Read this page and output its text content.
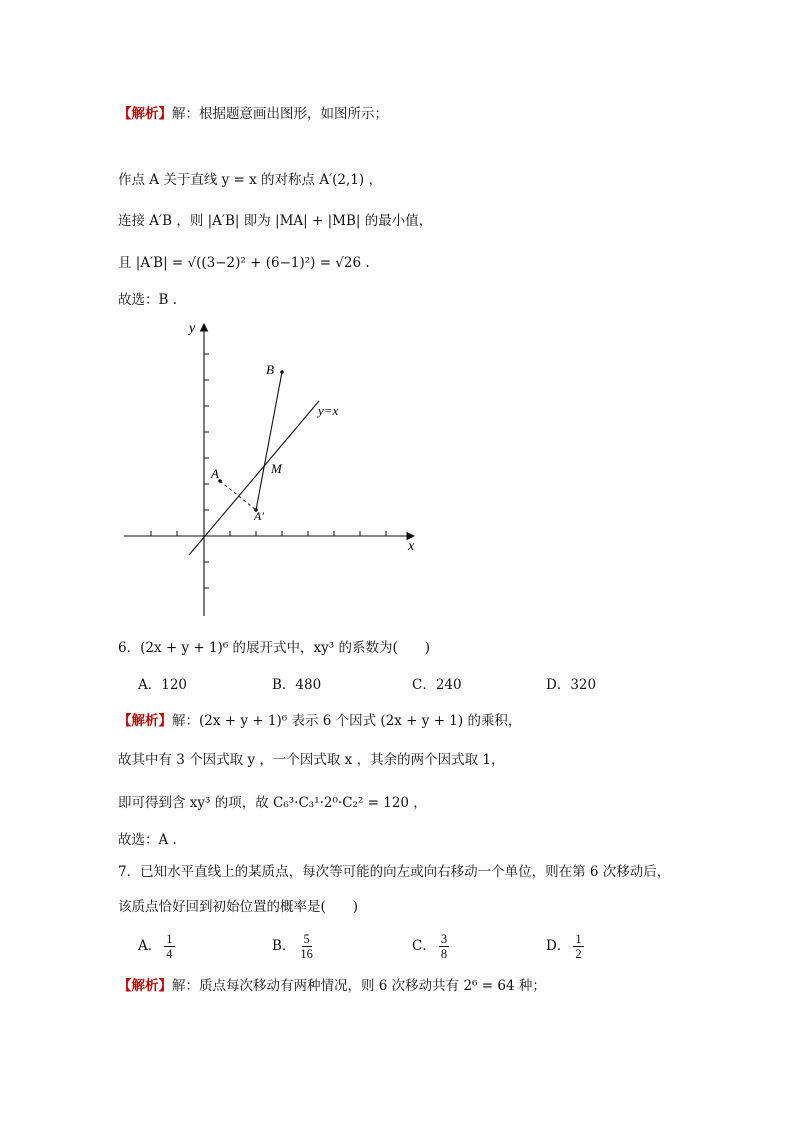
【解析】解：根据题意画出图形，如图所示；
作点 A 关于直线 y = x 的对称点 A′(2,1) ，
连接 A′B ，则 |A′B| 即为 |MA| + |MB| 的最小值，
且 |A′B| = √((3−2)² + (6−1)²) = √26 .
故选：B .
y
x
y=x
B
M
A
A′
6．(2x + y + 1)⁶ 的展开式中，xy³ 的系数为(　　)
A．120	B．480	C．240	D．320
【解析】解：(2x + y + 1)⁶ 表示 6 个因式 (2x + y + 1) 的乘积，
故其中有 3 个因式取 y ，一个因式取 x ，其余的两个因式取 1，
即可得到含 xy³ 的项，故 C₆³·C₃¹·2⁰·C₂² = 120 ，
故选：A .
7．已知水平直线上的某质点，每次等可能的向左或向右移动一个单位，则在第 6 次移动后，
该质点恰好回到初始位置的概率是(　　)
A． $\frac{1}{4}$	B． $\frac{5}{16}$	C． $\frac{3}{8}$	D． $\frac{1}{2}$
【解析】解：质点每次移动有两种情况，则 6 次移动共有 2⁶ = 64 种；
